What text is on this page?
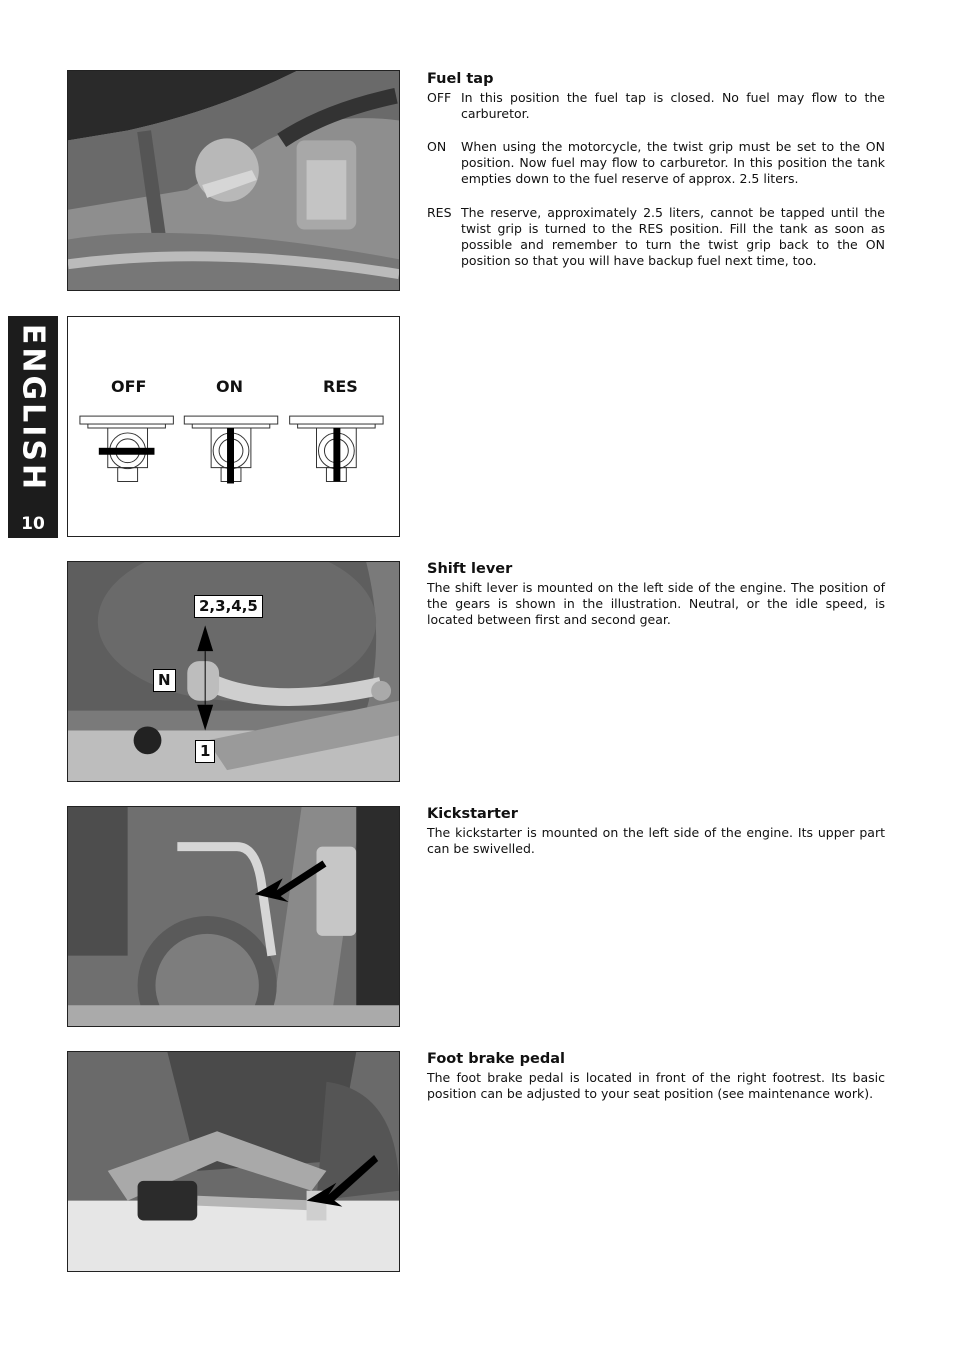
ENGLISH
10
OFF	ON	RES
2,3,4,5
N
1
Fuel tap
OFF In this position the fuel tap is closed. No fuel may flow to the carburetor.
ON When using the motorcycle, the twist grip must be set to the ON position. Now fuel may flow to carburetor. In this position the tank empties down to the fuel reserve of approx. 2.5 liters.
RES The reserve, approximately 2.5 liters, cannot be tapped until the twist grip is turned to the RES position. Fill the tank as soon as possible and remember to turn the twist grip back to the ON position so that you will have backup fuel next time, too.
Shift lever

The shift lever is mounted on the left side of the engine. The position of the gears is shown in the illustration. Neutral, or the idle speed, is located between first and second gear.

Kickstarter

The kickstarter is mounted on the left side of the engine. Its upper part can be swivelled.

Foot brake pedal

The foot brake pedal is located in front of the right footrest. Its basic position can be adjusted to your seat position (see maintenance work).
